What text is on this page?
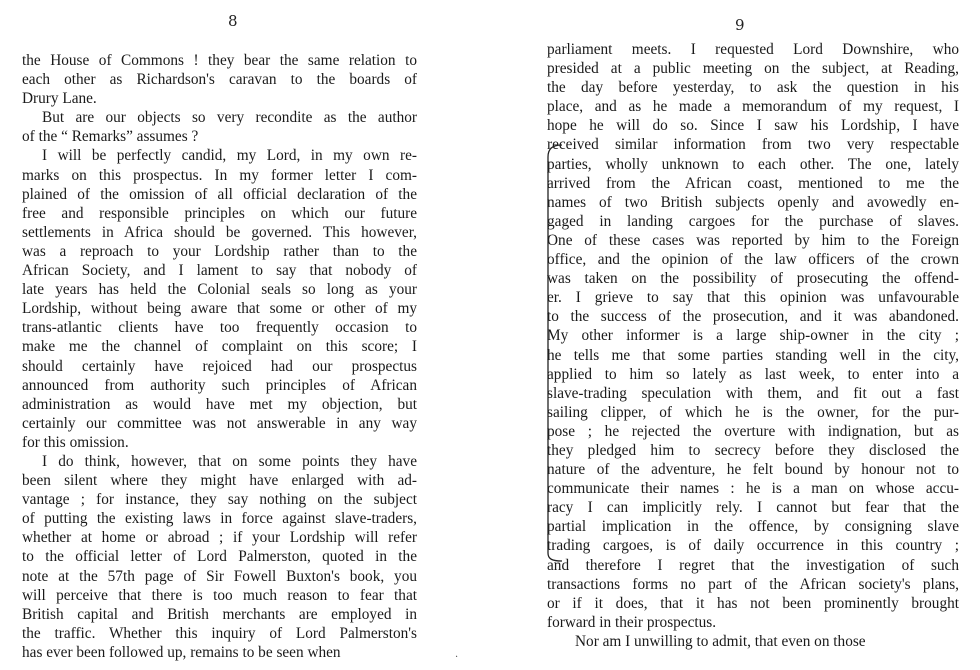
8
the House of Commons ! they bear the same relation to
each other as Richardson's caravan to the boards of
Drury Lane.
But are our objects so very recondite as the author
of the “ Remarks” assumes ?
I will be perfectly candid, my Lord, in my own re-
marks on this prospectus. In my former letter I com-
plained of the omission of all official declaration of the
free and responsible principles on which our future
settlements in Africa should be governed. This however,
was a reproach to your Lordship rather than to the
African Society, and I lament to say that nobody of
late years has held the Colonial seals so long as your
Lordship, without being aware that some or other of my
trans-atlantic clients have too frequently occasion to
make me the channel of complaint on this score; I
should certainly have rejoiced had our prospectus
announced from authority such principles of African
administration as would have met my objection, but
certainly our committee was not answerable in any way
for this omission.
I do think, however, that on some points they have
been silent where they might have enlarged with ad-
vantage ; for instance, they say nothing on the subject
of putting the existing laws in force against slave-traders,
whether at home or abroad ; if your Lordship will refer
to the official letter of Lord Palmerston, quoted in the
note at the 57th page of Sir Fowell Buxton's book, you
will perceive that there is too much reason to fear that
British capital and British merchants are employed in
the traffic. Whether this inquiry of Lord Palmerston's
has ever been followed up, remains to be seen when
9
parliament meets. I requested Lord Downshire, who
presided at a public meeting on the subject, at Reading,
the day before yesterday, to ask the question in his
place, and as he made a memorandum of my request, I
hope he will do so. Since I saw his Lordship, I have
received similar information from two very respectable
parties, wholly unknown to each other. The one, lately
arrived from the African coast, mentioned to me the
names of two British subjects openly and avowedly en-
gaged in landing cargoes for the purchase of slaves.
One of these cases was reported by him to the Foreign
office, and the opinion of the law officers of the crown
was taken on the possibility of prosecuting the offend-
er. I grieve to say that this opinion was unfavourable
to the success of the prosecution, and it was abandoned.
My other informer is a large ship-owner in the city ;
he tells me that some parties standing well in the city,
applied to him so lately as last week, to enter into a
slave-trading speculation with them, and fit out a fast
sailing clipper, of which he is the owner, for the pur-
pose ; he rejected the overture with indignation, but as
they pledged him to secrecy before they disclosed the
nature of the adventure, he felt bound by honour not to
communicate their names : he is a man on whose accu-
racy I can implicitly rely. I cannot but fear that the
partial implication in the offence, by consigning slave
trading cargoes, is of daily occurrence in this country ;
and therefore I regret that the investigation of such
transactions forms no part of the African society's plans,
or if it does, that it has not been prominently brought
forward in their prospectus.
Nor am I unwilling to admit, that even on those
·
